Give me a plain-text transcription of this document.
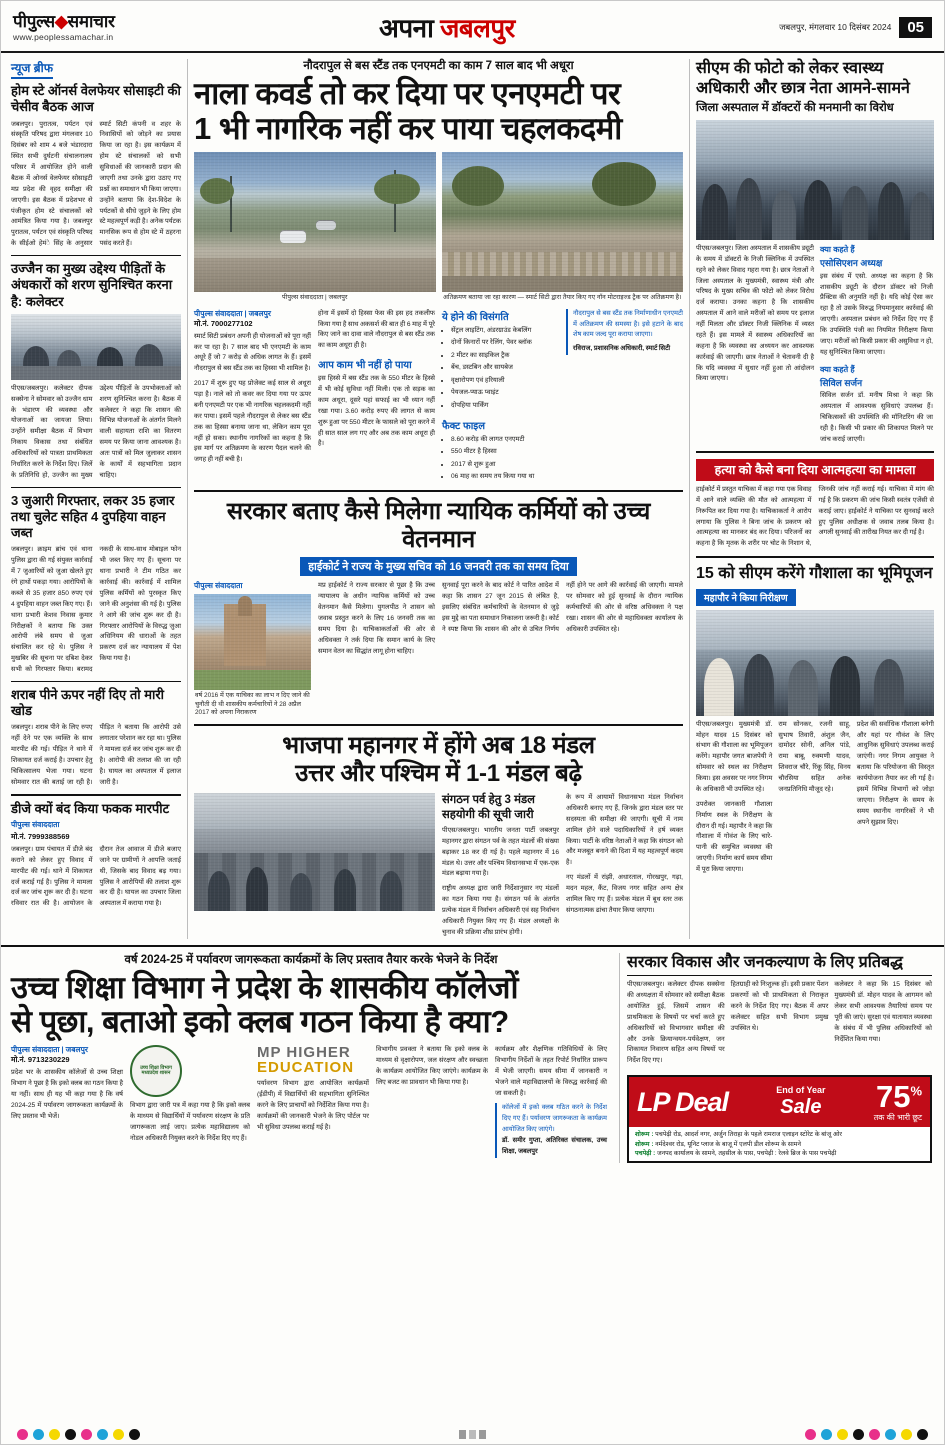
पीपुल्स◆समाचार
www.peoplessamachar.in	अपना जबलपुर	जबलपुर, मंगलवार 10 दिसंबर 2024	05
न्यूज ब्रीफ
होम स्टे ऑनर्स वेलफेयर सोसाइटी की चेसीव बैठक आज
जबलपुर। पुरातत्व, पर्यटन एवं संस्कृति परिषद द्वारा मंगलवार 10 दिसंबर को शाम 4 बजे भंडारदारा स्थित सभी दुर्घटनी संचालनालय परिसर में आयोजित होने वाली बैठक में ओनर्स वेलफेयर सोसाइटी मप्र प्रदेश की वृहद समीक्षा की जाएगी। इस बैठक में प्रदेशभर से पंजीकृत होम स्टे संचालकों को आमंत्रित किया गया है। जबलपुर पुरातत्व, पर्यटन एवं संस्कृति परिषद के सीईओ हेमंे सिंह के अनुसार स्मार्ट सिटी कंपनी व शहर के निवासियों को जोड़ने का प्रयास किया जा रहा है। इस कार्यक्रम में होम स्टे संचालकों को सभी सुविधाओं की जानकारी प्रदान की जाएगी तथा उनके द्वारा उठाए गए प्रश्नों का समाधान भी किया जाएगा। उन्होंने बताया कि देश-विदेश के पर्यटकों से सीधे जुड़ने के लिए होम स्टे महत्वपूर्ण कड़ी है। अनेक पर्यटक मानसिक रूप से होम स्टे में ठहरना पसंद करते हैं।
उज्जैन का मुख्य उद्देश्य पीड़ितों के अंधकारों को शरण सुनिश्चित करना है: कलेक्टर
पीएस/जबलपुर। कलेक्टर दीपक सक्सेना ने सोमवार को उज्जैन धाम के भंडारण की व्यवस्था और योजनाओं का जायजा लिया। उन्होंने समीक्षा बैठक में विभाग निकाय विकास तथा संबंधित अधिकारियों को पात्रता प्राथमिकता निर्धारित करने के निर्देश दिए। जिलें के प्रतिनिधि हो, उज्जैन का मुख्य उद्देश्य पीड़ितों के उपभोक्ताओं को शरण सुनिश्चित करना है। बैठक में कलेक्टर ने कहा कि शासन की विभिन्न योजनाओं के अंतर्गत मिलने वाली सहायता राशि का वितरण समय पर किया जाना आवश्यक है। अतः पात्रों को मिल जुलाकर शासन के कार्यों में सहभागिता प्रदान चाहिए।
3 जुआरी गिरफ्तार, लकर 35 हजार तथा चुलेट सहित 4 दुपहिया वाहन जब्त
जबलपुर। क्राइम ब्रांच एवं थाना पुलिस द्वारा की गई संयुक्त कार्रवाई में 7 जुआरियों को जुआ खेलते हुए रंगे हाथों पकड़ा गया। आरोपियों के कब्जे से 35 हजार 850 रुपए एवं 4 दुपहिया वाहन जब्त किए गए। हैं। थाना प्रभारी केशव निवास कुमार निरीक्षकों ने बताया कि उक्त आरोपी लंबे समय से जुआ संचालित कर रहे थे। पुलिस ने मुखबिर की सूचना पर दबिश देकर सभी को गिरफ्तार किया। बरामद नकदी के साथ-साथ मोबाइल फोन भी जब्त किए गए हैं। सूचना पर थाना प्रभारी ने टीम गठित कर कार्रवाई की। कार्रवाई में शामिल पुलिस कर्मियों को पुरस्कृत किए जाने की अनुशंसा की गई है। पुलिस ने आगे की जांच शुरू कर दी है। गिरफ्तार आरोपियों के विरुद्ध जुआ अधिनियम की धाराओं के तहत प्रकरण दर्ज कर न्यायालय में पेश किया गया है।
शराब पीने ऊपर नहीं दिए तो मारी खोड
जबलपुर। शराब पीने के लिए रुपए नहीं देने पर एक व्यक्ति के साथ मारपीट की गई। पीड़ित ने थाने में शिकायत दर्ज कराई है। उपचार हेतु चिकित्सालय भेजा गया। घटना सोमवार रात की बताई जा रही है। पीड़ित ने बताया कि आरोपी उसे लगातार परेशान कर रहा था। पुलिस ने मामला दर्ज कर जांच शुरू कर दी है। आरोपी की तलाश की जा रही है। घायल का अस्पताल में इलाज जारी है।
डीजे क्यों बंद किया फकक मारपीट
पीपुल्स संवाददाता
मो.नं. 7999388569
जबलपुर। ग्राम पंचायत में डीजे बंद कराने को लेकर हुए विवाद में मारपीट की गई। थाने में शिकायत दर्ज कराई गई है। पुलिस ने मामला दर्ज कर जांच शुरू कर दी है। घटना रविवार रात की है। आयोजन के दौरान तेज आवाज में डीजे बजाए जाने पर ग्रामीणों ने आपत्ति जताई थी, जिसके बाद विवाद बढ़ गया। पुलिस ने आरोपियों की तलाश शुरू कर दी है। घायल का उपचार जिला अस्पताल में कराया गया है।
नौदरापुल से बस स्टैंड तक एनएमटी का काम 7 साल बाद भी अधूरा
नाला कवर्ड तो कर दिया पर एनएमटी पर
1 भी नागरिक नहीं कर पाया चहलकदमी
पीपुल्स संवाददाता | जबलपुर	अतिक्रमण बताया जा रहा कारण — स्मार्ट सिटी द्वारा तैयार किए गए नॉन मोटराइज्ड ट्रैक पर अतिक्रमण है।
पीपुल्स संवाददाता | जबलपुर
मो.नं. 7000277102
स्मार्ट सिटी प्रबंधन अपनी ही योजनाओं को पूरा नहीं कर पा रहा है। 7 साल बाद भी एनएमटी के काम अधूरे हैं जो 7 करोड़ से अधिक लागत के हैं। इसमें नौदरापुल से बस स्टैंड तक का हिस्सा भी शामिल है।
2017 में शुरू हुए यह प्रोजेक्ट कई साल से अधूरा पड़ा है। नाले को तो कवर कर दिया गया पर ऊपर बनी एनएमटी पर एक भी नागरिक चहलकदमी नहीं कर पाया। इसमें पहले नौदरापुल से लेकर बस स्टैंड तक का हिस्सा बनाया जाना था, लेकिन काम पूरा नहीं हो सका। स्थानीय नागरिकों का कहना है कि इस मार्ग पर अतिक्रमण के कारण पैदल चलने की जगह ही नहीं बची है।
होना में इसमें दो हिस्सा फेस की इस हद तकलीफ किया गया है साथ अकसर्श की बात ही 6 माह में पूरे किए जाने का दावा वाले नौदरापुल से बस स्टैंड तक का काम अधूरा ही है।
आप काम भी नहीं हो पाया
इस हिस्से में बस स्टैंड तक के 550 मीटर के हिस्से में भी कोई सुविधा नहीं मिली। एक तो सड़क का काम अधूरा, दूसरे यहां सफाई का भी ध्यान नहीं रखा गया। 3.60 करोड़ रुपए की लागत से काम शुरू हुआ पर 550 मीटर के फासले को पूरा करने में ही सात साल लग गए और अब तक काम अधूरा ही है।
ये होने की विसंगति
• सेंट्रल लाइटिंग, अंडरग्राउंड केबलिंग
• दोनों किनारों पर रेलिंग, पेवर ब्लॉक
• 2 मीटर का साइकिल ट्रैक
• बेंच, डस्टबिन और सायबेज
• वृक्षारोपण एवं हरियाली
• पेयजल-प्याऊ प्वाइंट
• दोपहिया पार्किंग
फैक्ट फाइल
• 8.60 करोड़ की लागत एनएमटी
• 550 मीटर है हिस्सा
• 2017 से शुरू हुआ
• 06 माह का समय तय किया गया था
नौदरापुल से बस स्टैंड तक निर्माणाधीन एनएमटी में अतिक्रमण की समस्या है। इसे हटाने के बाद शेष काम जल्द पूरा कराया जाएगा।
रविराज, प्रशासनिक अधिकारी, स्मार्ट सिटी
सरकार बताए कैसे मिलेगा न्यायिक कर्मियों को उच्च वेतनमान
हाईकोर्ट ने राज्य के मुख्य सचिव को 16 जनवरी तक का समय दिया
पीपुल्स संवाददाता
वर्ष 2016 में एक याचिका का लाभ न दिए जाने की चुनौती दी थी शासकीय कर्मचारियों ने 28 अप्रैल 2017 को अपना निराकरण
मप्र हाईकोर्ट ने राज्य सरकार से पूछा है कि उच्च न्यायालय के अधीन न्यायिक कर्मियों को उच्च वेतनमान कैसे मिलेगा। युगलपीठ ने शासन को जवाब प्रस्तुत करने के लिए 16 जनवरी तक का समय दिया है। याचिकाकर्ताओं की ओर से अधिवक्ता ने तर्क दिया कि समान कार्य के लिए समान वेतन का सिद्धांत लागू होना चाहिए।
सुनवाई पूरा करने के बाद कोर्ट ने पारित आदेश में कहा कि शासन 27 जून 2015 से लंबित है, इसलिए संबंधित कर्मचारियों के वेतनमान से जुड़े इस मुद्दे का पता समाधान निकालना जरूरी है। कोर्ट ने स्पष्ट किया कि शासन की ओर से उचित निर्णय नहीं होने पर आगे की कार्रवाई की जाएगी। मामले पर सोमवार को हुई सुनवाई के दौरान न्यायिक कर्मचारियों की ओर से वरिष्ठ अधिवक्ता ने पक्ष रखा। शासन की ओर से महाधिवक्ता कार्यालय के अधिकारी उपस्थित रहे।
भाजपा महानगर में होंगे अब 18 मंडल
उत्तर और पश्चिम में 1-1 मंडल बढ़े
संगठन पर्व हेतु 3 मंडल सहयोगी की सूची जारी
पीएस/जबलपुर। भारतीय जनता पार्टी जबलपुर महानगर द्वारा संगठन पर्व के तहत मंडलों की संख्या बढ़ाकर 18 कर दी गई है। पहले महानगर में 16 मंडल थे। उत्तर और पश्चिम विधानसभा में एक-एक मंडल बढ़ाया गया है।
राष्ट्रीय अध्यक्ष द्वारा जारी निर्देशानुसार नए मंडलों का गठन किया गया है। संगठन पर्व के अंतर्गत प्रत्येक मंडल में निर्वाचन अधिकारी एवं सह निर्वाचन अधिकारी नियुक्त किए गए हैं। मंडल अध्यक्षों के चुनाव की प्रक्रिया शीघ्र प्रारंभ होगी।
के रूप में आयामों विधानसभा मंडल निर्वाचन अधिकारी बनाए गए हैं, जिनके द्वारा मंडल स्तर पर सदस्यता की समीक्षा की जाएगी। सूची में नाम शामिल होने वाले पदाधिकारियों ने हर्ष व्यक्त किया। पार्टी के वरिष्ठ नेताओं ने कहा कि संगठन को और मजबूत बनाने की दिशा में यह महत्वपूर्ण कदम है।
नए मंडलों में रांझी, अधारताल, गोरखपुर, गढ़ा, मदन महल, कैंट, विजय नगर सहित अन्य क्षेत्र शामिल किए गए हैं। प्रत्येक मंडल में बूथ स्तर तक संगठनात्मक ढांचा तैयार किया जाएगा।
सीएम की फोटो को लेकर स्वास्थ्य अधिकारी और छात्र नेता आमने-सामने
जिला अस्पताल में डॉक्टरों की मनमानी का विरोध
पीएस/जबलपुर। जिला अस्पताल में शासकीय ड्यूटी के समय में डॉक्टरों के निजी क्लिनिक में उपस्थित रहने को लेकर विवाद गहरा गया है। छात्र नेताओं ने जिला अस्पताल के मुख्यमंत्री, स्वास्थ्य मंत्री और परिषद के मुख्य सचिव की फोटो को लेकर विरोध दर्ज कराया। उनका कहना है कि शासकीय अस्पताल में आने वाले मरीजों को समय पर इलाज नहीं मिलता और डॉक्टर निजी क्लिनिक में व्यस्त रहते हैं। इस मामले में स्वास्थ्य अधिकारियों का कहना है कि व्यवस्था का अध्ययन कर आवश्यक कार्रवाई की जाएगी। छात्र नेताओं ने चेतावनी दी है कि यदि व्यवस्था में सुधार नहीं हुआ तो आंदोलन किया जाएगा।
क्या कहते हैं
एसोसिएशन अध्यक्ष
इस संबंध में एसो. अध्यक्ष का कहना है कि शासकीय ड्यूटी के दौरान डॉक्टर को निजी प्रैक्टिस की अनुमति नहीं है। यदि कोई ऐसा कर रहा है तो उसके विरुद्ध नियमानुसार कार्रवाई की जाएगी। अस्पताल प्रबंधन को निर्देश दिए गए हैं कि उपस्थिति पंजी का नियमित निरीक्षण किया जाए। मरीजों को किसी प्रकार की असुविधा न हो, यह सुनिश्चित किया जाएगा।
क्या कहते हैं
सिविल सर्जन
सिविल सर्जन डॉ. मनीष मिश्रा ने कहा कि अस्पताल में आवश्यक सुविधाएं उपलब्ध हैं। चिकित्सकों की उपस्थिति की मॉनिटरिंग की जा रही है। किसी भी प्रकार की शिकायत मिलने पर जांच कराई जाएगी।
हत्या को कैसे बना दिया आत्महत्या का मामला
हाईकोर्ट में प्रस्तुत याचिका में कहा गया एक विवाह में आने वाले व्यक्ति की मौत को आत्महत्या में निरूपित कर दिया गया है। याचिकाकर्ता ने आरोप लगाया कि पुलिस ने बिना जांच के प्रकरण को आत्महत्या का मानकर बंद कर दिया। परिजनों का कहना है कि मृतक के शरीर पर चोट के निशान थे, जिनकी जांच नहीं कराई गई। याचिका में मांग की गई है कि प्रकरण की जांच किसी स्वतंत्र एजेंसी से कराई जाए। हाईकोर्ट ने याचिका पर सुनवाई करते हुए पुलिस अधीक्षक से जवाब तलब किया है। अगली सुनवाई की तारीख नियत कर दी गई है।
15 को सीएम करेंगे गौशाला का भूमिपूजन
महापौर ने किया निरीक्षण
पीएस/जबलपुर। मुख्यमंत्री डॉ. मोहन यादव 15 दिसंबर को संभाग की गौशाला का भूमिपूजन करेंगे। महापौर जगत बाजपेयी ने सोमवार को स्थल का निरीक्षण किया। इस अवसर पर नगर निगम के अधिकारी भी उपस्थित रहे।
उपरोक्त जानकारी गौशाला निर्माण स्थल के निरीक्षण के दौरान दी गई। महापौर ने कहा कि गौशाला में गोवंश के लिए चारे-पानी की समुचित व्यवस्था की जाएगी। निर्माण कार्य समय सीमा में पूरा किया जाएगा।
राम सोनकर, रजनी साहू, सुभाष तिवारी, अंशुल जैन, दामोदर सोनी, अनिल पांडे, रामा बाबू, रुक्मणी यादव, शिवराज चौरे, रिंकू सिंह, विनय चौरसिया सहित अनेक जनप्रतिनिधि मौजूद रहे।
प्रदेश की सर्वाधिक गौशाला बनेगी और यहां पर गौवंश के लिए आधुनिक सुविधाएं उपलब्ध कराई जाएंगी। नगर निगम आयुक्त ने बताया कि परियोजना की विस्तृत कार्ययोजना तैयार कर ली गई है। इसमें विभिन्न विभागों को जोड़ा जाएगा। निरीक्षण के समय के समय स्थानीय नागरिकों ने भी अपने सुझाव दिए।
वर्ष 2024-25 में पर्यावरण जागरूकता कार्यक्रमों के लिए प्रस्ताव तैयार करके भेजने के निर्देश
उच्च शिक्षा विभाग ने प्रदेश के शासकीय कॉलेजों
से पूछा, बताओ इको क्लब गठन किया है क्या?
पीपुल्स संवाददाता | जबलपुर
मो.नं. 9713230229
प्रदेश भर के शासकीय कॉलेजों से उच्च शिक्षा विभाग ने पूछा है कि इको क्लब का गठन किया है या नहीं। साथ ही यह भी कहा गया है कि वर्ष 2024-25 में पर्यावरण जागरूकता कार्यक्रमों के लिए प्रस्ताव भी भेजें।
उच्च शिक्षा विभाग मध्यप्रदेश शासन
विभाग द्वारा जारी पत्र में कहा गया है कि इको क्लब के माध्यम से विद्यार्थियों में पर्यावरण संरक्षण के प्रति जागरूकता लाई जाए। प्रत्येक महाविद्यालय को नोडल अधिकारी नियुक्त करने के निर्देश दिए गए हैं।
MP HIGHER
EDUCATION
पर्यावरण विभाग द्वारा आयोजित कार्यक्रमों (ईडीपी) में विद्यार्थियों की सहभागिता सुनिश्चित करने के लिए प्राचार्यों को निर्देशित किया गया है। कार्यक्रमों की जानकारी भेजने के लिए पोर्टल पर भी सुविधा उपलब्ध कराई गई है।
विभागीय प्रवक्ता ने बताया कि इको क्लब के माध्यम से वृक्षारोपण, जल संरक्षण और स्वच्छता के कार्यक्रम आयोजित किए जाएंगे। कार्यक्रम के लिए बजट का प्रावधान भी किया गया है।
कार्यक्रम और शैक्षणिक गतिविधियों के लिए विभागीय निर्देशों के तहत रिपोर्ट निर्धारित प्रारूप में भेजी जाएगी। समय सीमा में जानकारी न भेजने वाले महाविद्यालयों के विरुद्ध कार्रवाई की जा सकती है।
कॉलेजों में इको क्लब गठित करने के निर्देश दिए गए हैं। पर्यावरण जागरूकता के कार्यक्रम आयोजित किए जाएंगे।
डॉ. समीर गुप्ता, अतिरिक्त संचालक, उच्च शिक्षा, जबलपुर
सरकार विकास और जनकल्याण के लिए प्रतिबद्ध
पीएस/जबलपुर। कलेक्टर दीपक सक्सेना की अध्यक्षता में सोमवार को समीक्षा बैठक आयोजित हुई, जिसमें शासन की प्राथमिकता के विषयों पर चर्चा करते हुए अधिकारियों को विभागवार समीक्षा की और उनके क्रियान्वयन-पर्यवेक्षण, जन शिकायत निवारण सहित अन्य विषयों पर निर्देश दिए गए।
हितग्राही को निःशुल्क हों। इसी प्रकार पेंशन प्रकरणों को भी प्राथमिकता से निराकृत करने के निर्देश दिए गए। बैठक में अपर कलेक्टर सहित सभी विभाग प्रमुख उपस्थित थे।
कलेक्टर ने कहा कि 15 दिसंबर को मुख्यमंत्री डॉ. मोहन यादव के आगमन को लेकर सभी आवश्यक तैयारियां समय पर पूरी की जाएं। सुरक्षा एवं यातायात व्यवस्था के संबंध में भी पुलिस अधिकारियों को निर्देशित किया गया।
LP Deal	End of Year
Sale 75%
तक की भारी छूट
शोरूम : पचपेढ़ी रोड, आदर्श नगर, अर्जुन तिराहा के पहले रामराज एलाइन स्टोरेट के बांजू ओर
शोरूम : नर्मदेश्वर रोड, यूनिट प्लाज के बाजू में एलपी डील शोरूम के सामने
पचपेढ़ी : जनपद कार्यालय के सामने, तहसील के पास, पचपेढ़ी : रेलवे ब्रिज के पास पचपेढ़ी
